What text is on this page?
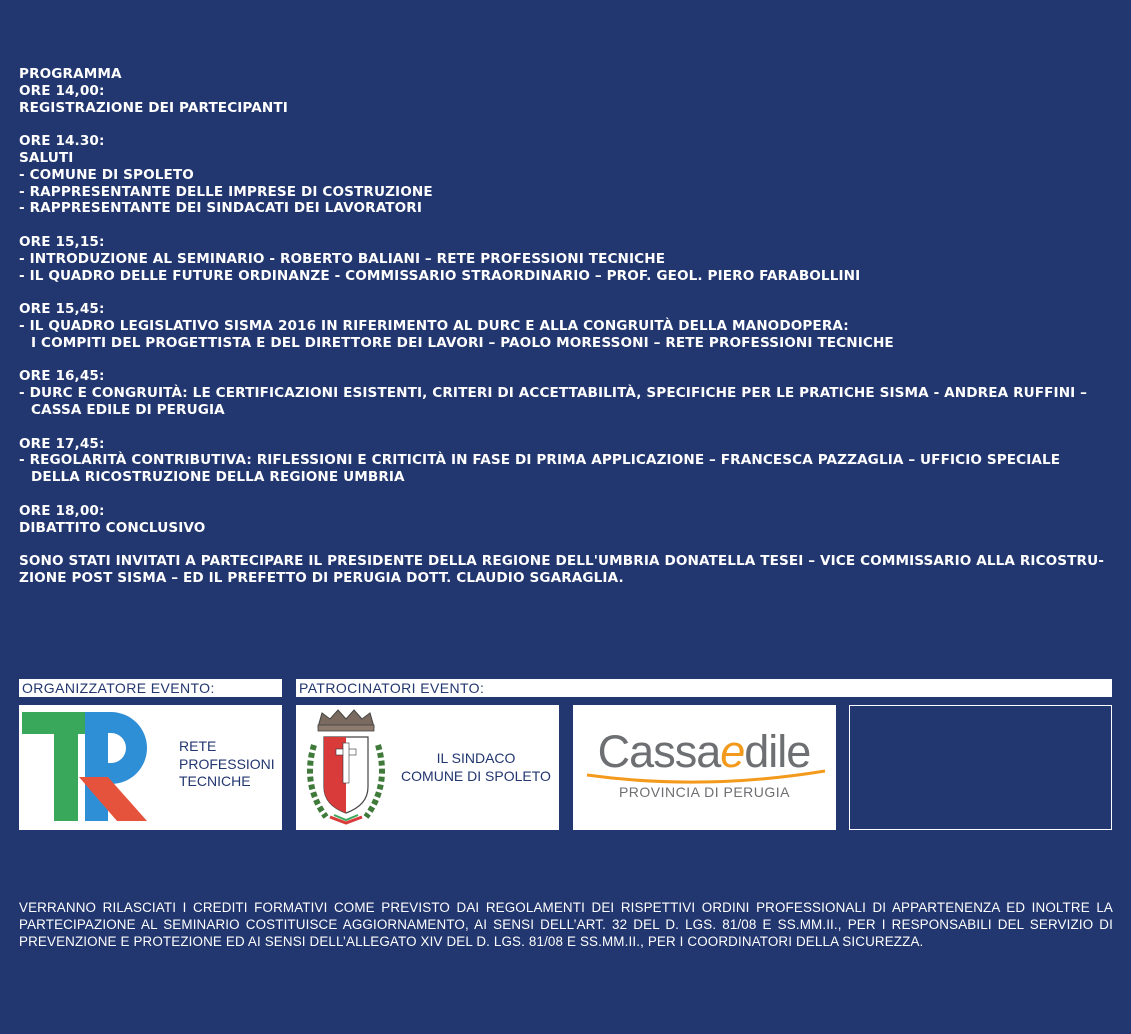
PROGRAMMA

ORE 14,00:

REGISTRAZIONE DEI PARTECIPANTI

ORE 14.30:

SALUTI

- COMUNE DI SPOLETO

- RAPPRESENTANTE DELLE IMPRESE DI COSTRUZIONE

- RAPPRESENTANTE DEI SINDACATI DEI LAVORATORI

ORE 15,15:

- INTRODUZIONE AL SEMINARIO - ROBERTO BALIANI – RETE PROFESSIONI TECNICHE

- IL QUADRO DELLE FUTURE ORDINANZE - COMMISSARIO STRAORDINARIO – PROF. GEOL. PIERO FARABOLLINI

ORE 15,45:

- IL QUADRO LEGISLATIVO SISMA 2016 IN RIFERIMENTO AL DURC E ALLA CONGRUITÀ DELLA MANODOPERA:

I COMPITI DEL PROGETTISTA E DEL DIRETTORE DEI LAVORI – PAOLO MORESSONI – RETE PROFESSIONI TECNICHE

ORE 16,45:

- DURC E CONGRUITÀ: LE CERTIFICAZIONI ESISTENTI, CRITERI DI ACCETTABILITÀ, SPECIFICHE PER LE PRATICHE SISMA - ANDREA RUFFINI –

CASSA EDILE DI PERUGIA

ORE 17,45:

- REGOLARITÀ CONTRIBUTIVA: RIFLESSIONI E CRITICITÀ IN FASE DI PRIMA APPLICAZIONE – FRANCESCA PAZZAGLIA – UFFICIO SPECIALE

DELLA RICOSTRUZIONE DELLA REGIONE UMBRIA

ORE 18,00:

DIBATTITO CONCLUSIVO

SONO STATI INVITATI A PARTECIPARE IL PRESIDENTE DELLA REGIONE DELL'UMBRIA DONATELLA TESEI – VICE COMMISSARIO ALLA RICOSTRU-

ZIONE POST SISMA – ED IL PREFETTO DI PERUGIA DOTT. CLAUDIO SGARAGLIA.

ORGANIZZATORE EVENTO:	PATROCINATORI EVENTO:
RETE
PROFESSIONI
TECNICHE
IL SINDACO
COMUNE DI SPOLETO	Cassaedile
PROVINCIA DI PERUGIA
VERRANNO RILASCIATI I CREDITI FORMATIVI COME PREVISTO DAI REGOLAMENTI DEI RISPETTIVI ORDINI PROFESSIONALI DI APPARTENENZA ED INOLTRE LA PARTECIPAZIONE AL SEMINARIO COSTITUISCE AGGIORNAMENTO, AI SENSI DELL’ART. 32 DEL D. LGS. 81/08 E SS.MM.II., PER I RESPONSABILI DEL SERVIZIO DI PREVENZIONE E PROTEZIONE ED AI SENSI DELL’ALLEGATO XIV DEL D. LGS. 81/08 E SS.MM.II., PER I COORDINATORI DELLA SICUREZZA.
